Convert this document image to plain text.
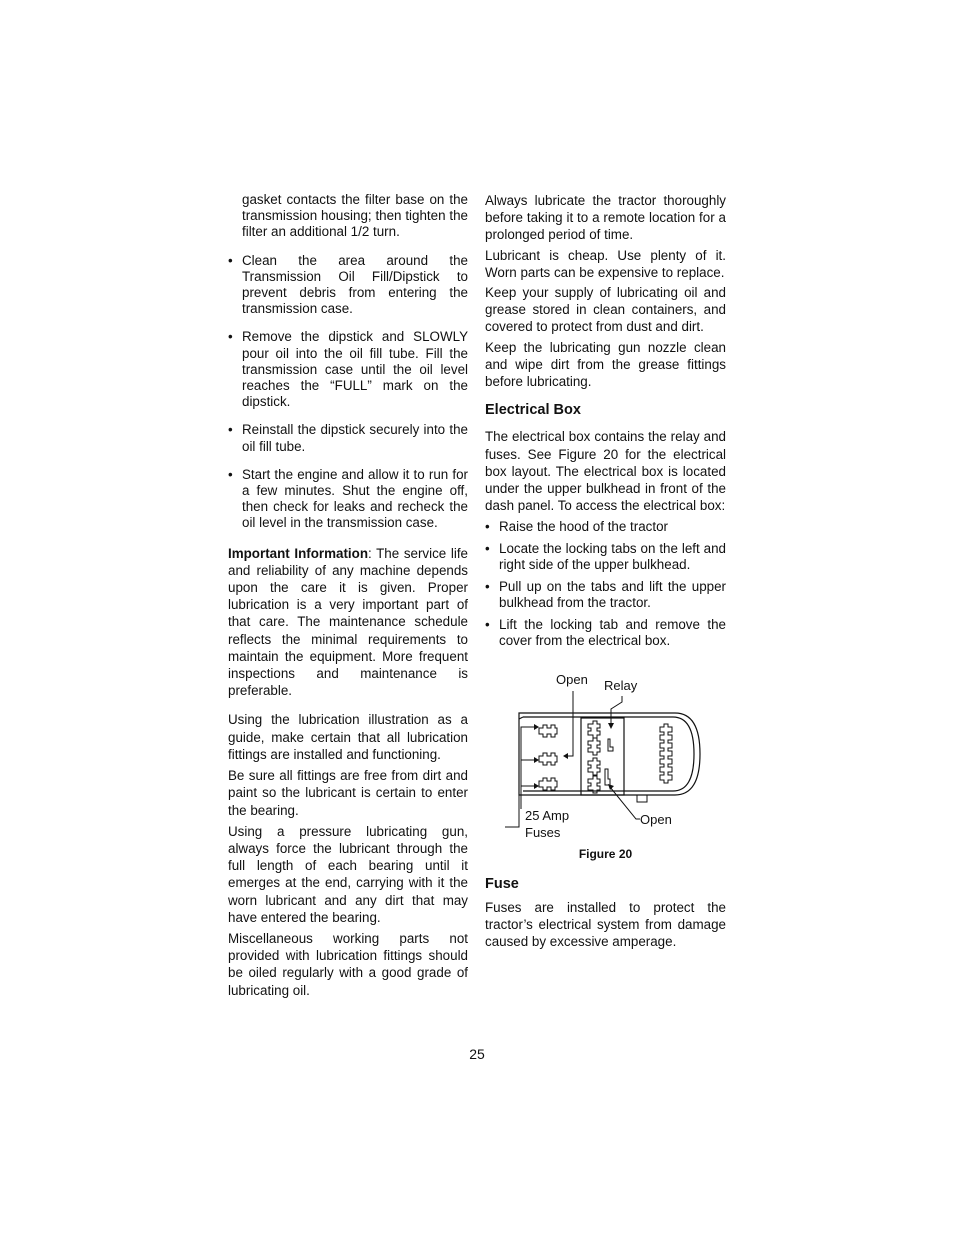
gasket contacts the filter base on the transmission housing; then tighten the filter an additional 1/2 turn.

• Clean the area around the Transmission Oil Fill/Dipstick to prevent debris from entering the transmission case.

• Remove the dipstick and SLOWLY pour oil into the oil fill tube. Fill the transmission case until the oil level reaches the “FULL” mark on the dipstick.

• Reinstall the dipstick securely into the oil fill tube.

• Start the engine and allow it to run for a few minutes. Shut the engine off, then check for leaks and recheck the oil level in the transmission case.

Important Information: The service life and reliability of any machine depends upon the care it is given. Proper lubrication is a very important part of that care. The maintenance schedule reflects the minimal requirements to maintain the equipment. More frequent inspections and maintenance is preferable.

Using the lubrication illustration as a guide, make certain that all lubrication fittings are installed and functioning.

Be sure all fittings are free from dirt and paint so the lubricant is certain to enter the bearing.

Using a pressure lubricating gun, always force the lubricant through the full length of each bearing until it emerges at the end, carrying with it the worn lubricant and any dirt that may have entered the bearing.

Miscellaneous working parts not provided with lubrication fittings should be oiled regularly with a good grade of lubricating oil.

Always lubricate the tractor thoroughly before taking it to a remote location for a prolonged period of time.

Lubricant is cheap. Use plenty of it. Worn parts can be expensive to replace.

Keep your supply of lubricating oil and grease stored in clean containers, and covered to protect from dust and dirt.

Keep the lubricating gun nozzle clean and wipe dirt from the grease fittings before lubricating.

Electrical Box

The electrical box contains the relay and fuses. See Figure 20 for the electrical box layout. The electrical box is located under the upper bulkhead in front of the dash panel. To access the electrical box:

• Raise the hood of the tractor

• Locate the locking tabs on the left and right side of the upper bulkhead.

• Pull up on the tabs and lift the upper bulkhead from the tractor.

• Lift the locking tab and remove the cover from the electrical box.

Open Relay
25 Amp
Fuses
Open
Figure 20
Fuse

Fuses are installed to protect the tractor’s electrical system from damage caused by excessive amperage.

25
